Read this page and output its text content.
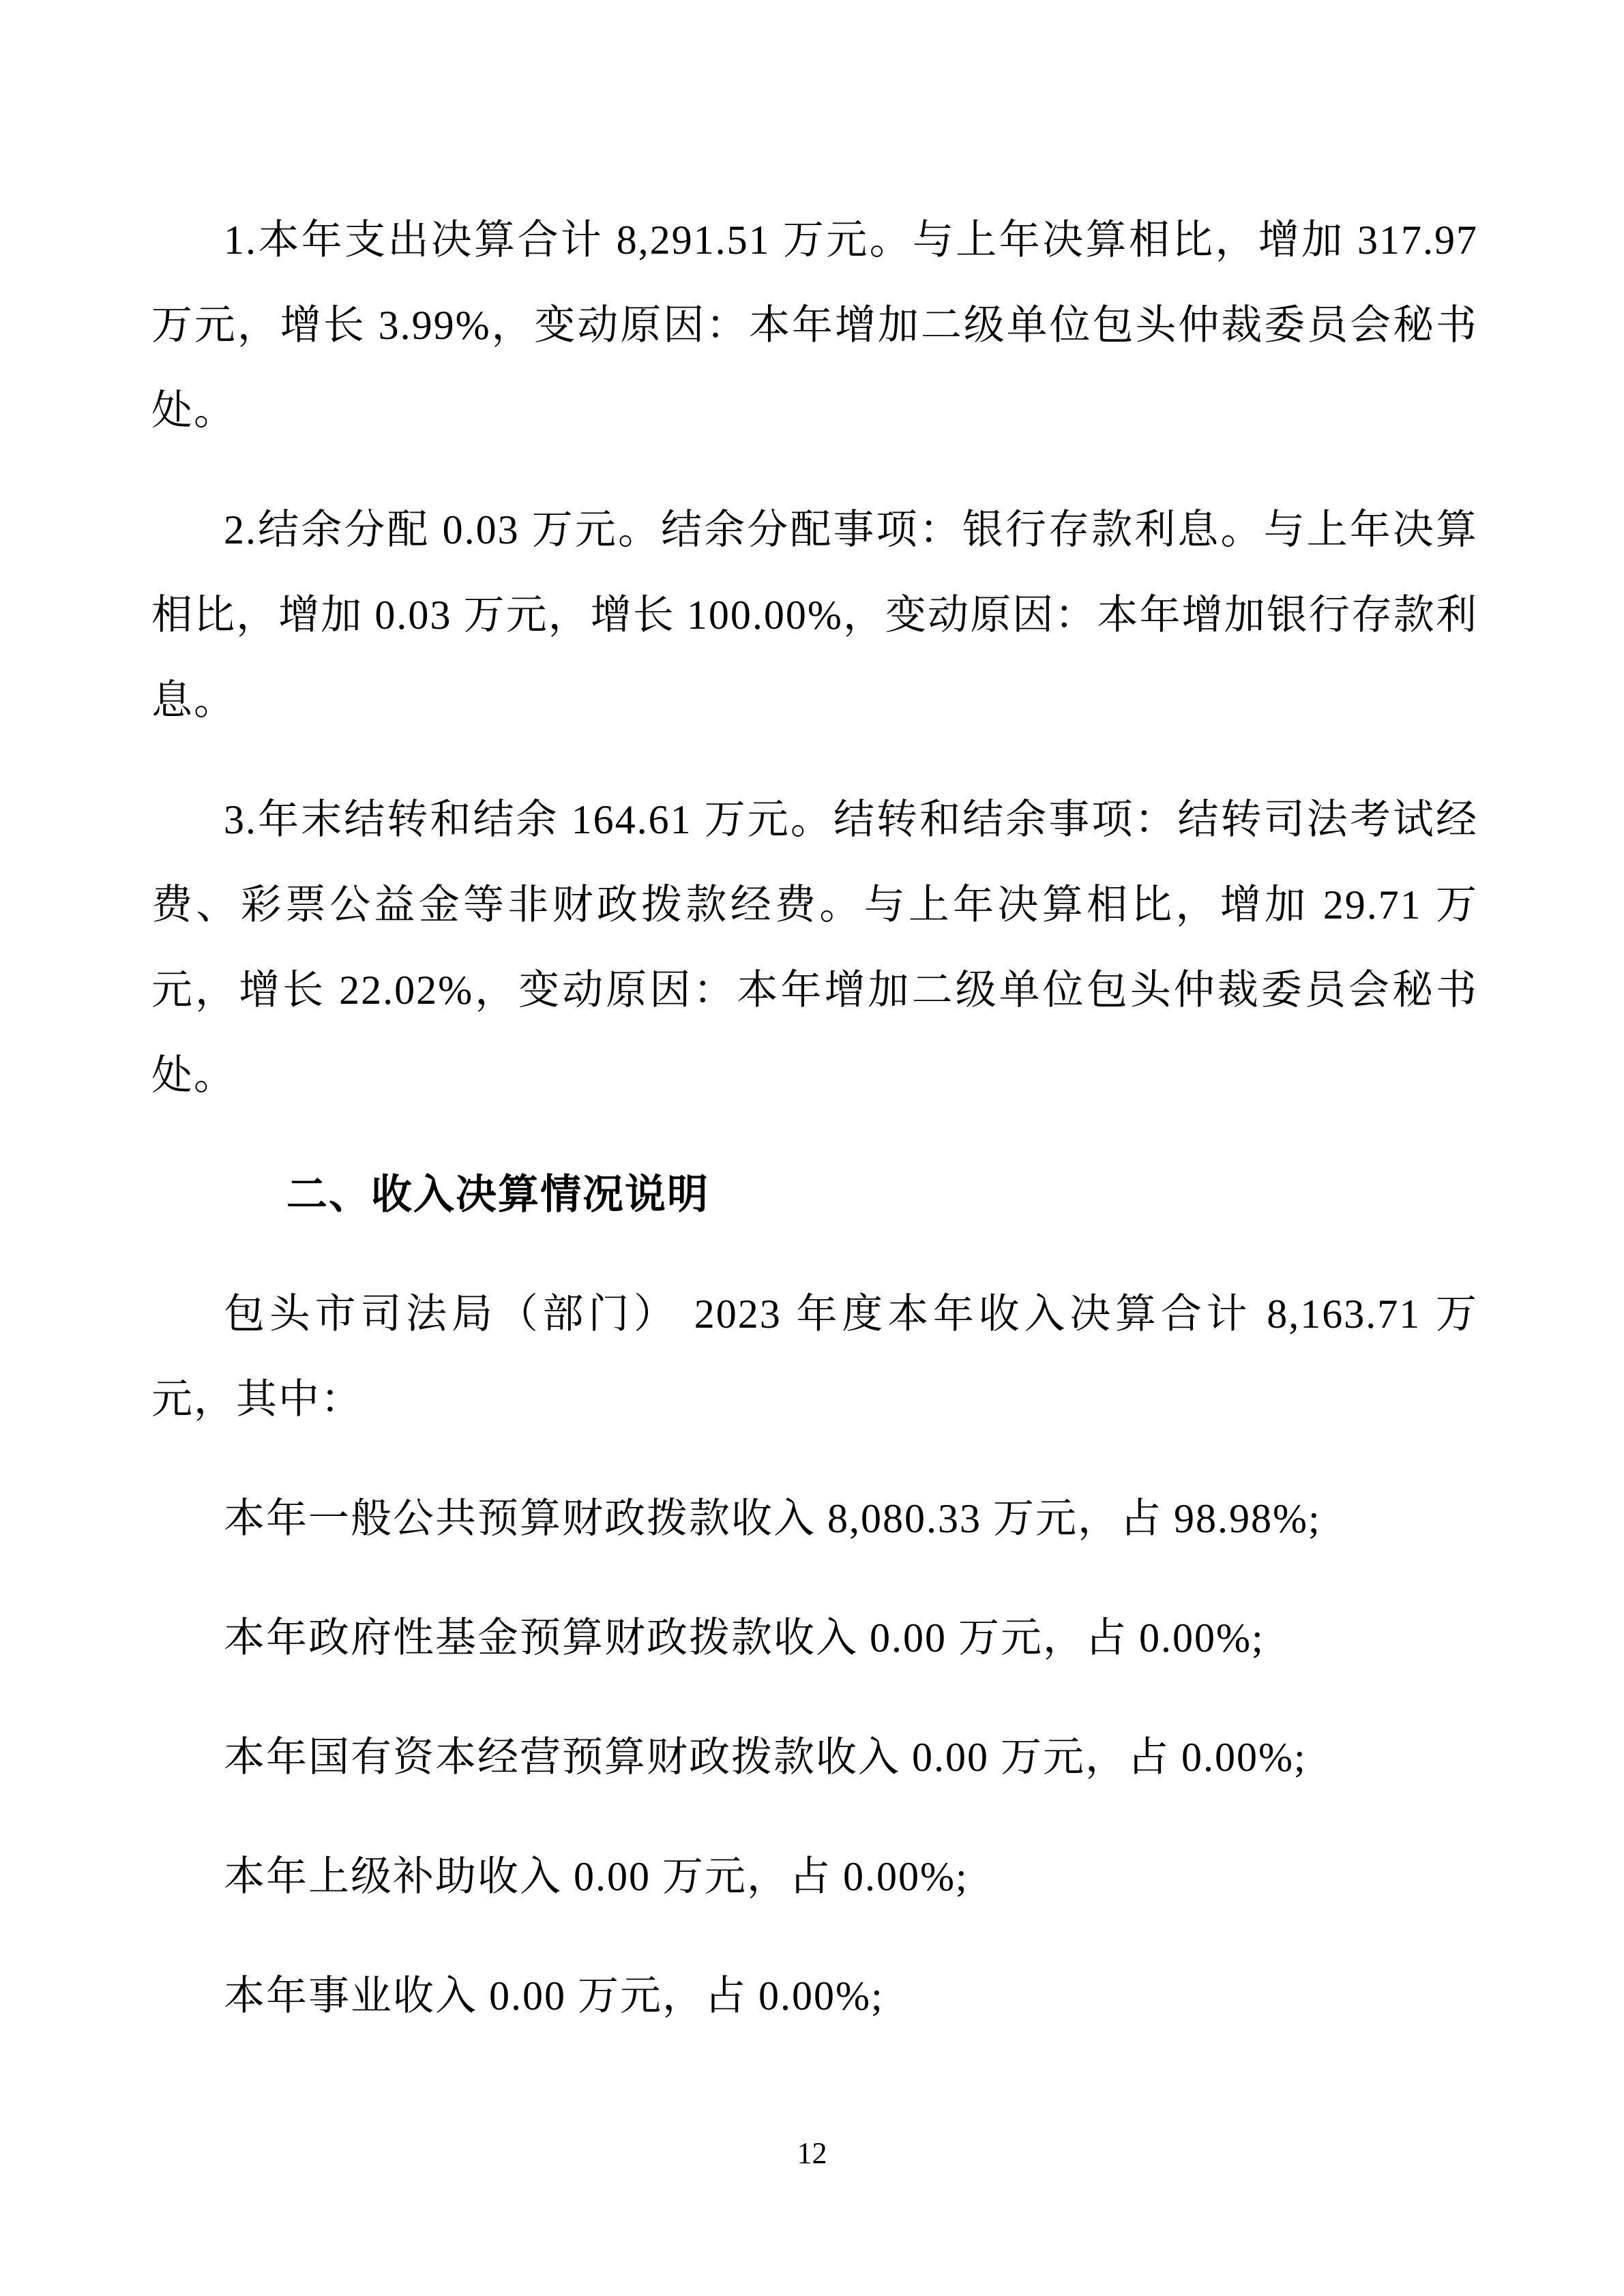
1.本年支出决算合计 8,291.51 万元。与上年决算相比，增加 317.97 万元，增长 3.99%，变动原因：本年增加二级单位包头仲裁委员会秘书处。

2.结余分配 0.03 万元。结余分配事项：银行存款利息。与上年决算相比，增加 0.03 万元，增长 100.00%，变动原因：本年增加银行存款利息。

3.年末结转和结余 164.61 万元。结转和结余事项：结转司法考试经费、彩票公益金等非财政拨款经费。与上年决算相比，增加 29.71 万元，增长 22.02%，变动原因：本年增加二级单位包头仲裁委员会秘书处。

二、收入决算情况说明

包头市司法局（部门） 2023 年度本年收入决算合计 8,163.71 万元，其中：

本年一般公共预算财政拨款收入 8,080.33 万元，占 98.98%;

本年政府性基金预算财政拨款收入 0.00 万元，占 0.00%;

本年国有资本经营预算财政拨款收入 0.00 万元，占 0.00%;

本年上级补助收入 0.00 万元，占 0.00%;

本年事业收入 0.00 万元，占 0.00%;

12
